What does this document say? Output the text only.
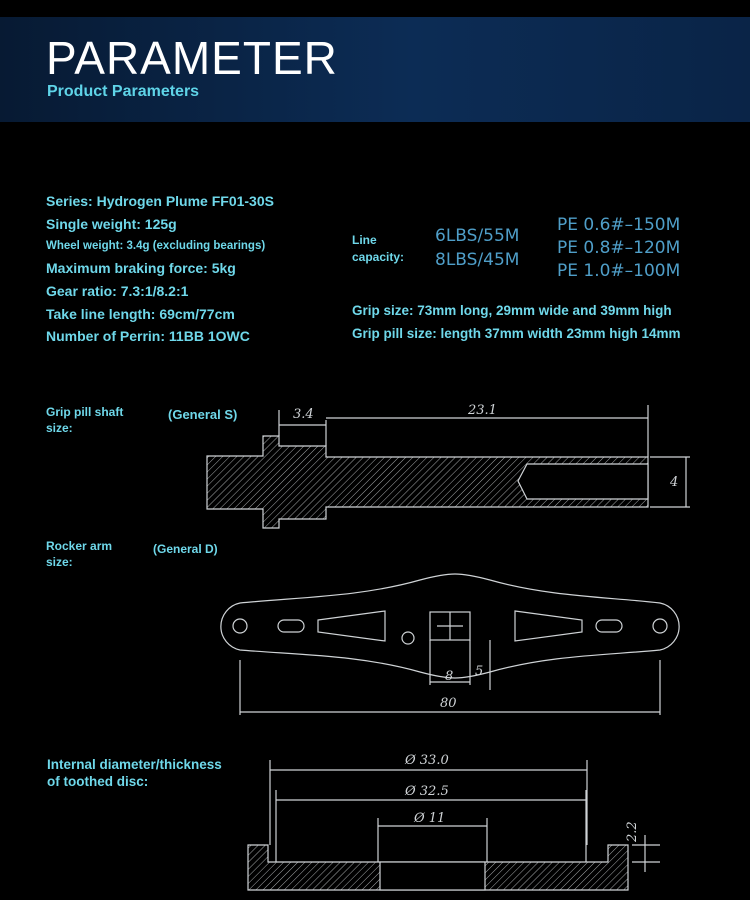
PARAMETER
Product Parameters
Series: Hydrogen Plume FF01-30S
Single weight: 125g
Wheel weight: 3.4g (excluding bearings)
Maximum braking force: 5kg
Gear ratio: 7.3:1/8.2:1
Take line length: 69cm/77cm
Number of Perrin: 11BB 1OWC
Line
capacity:
6LBS/55M
8LBS/45M
PE 0.6#–150M
PE 0.8#–120M
PE 1.0#–100M
Grip size: 73mm long, 29mm wide and 39mm high
Grip pill size: length 37mm width 23mm high 14mm
Grip pill shaft
size:
(General S)
Rocker arm
size:
(General D)
Internal diameter/thickness
of toothed disc:
3.4	23.1
4
8 5
80
Ø 33.0
Ø 32.5
Ø 11
2.2
